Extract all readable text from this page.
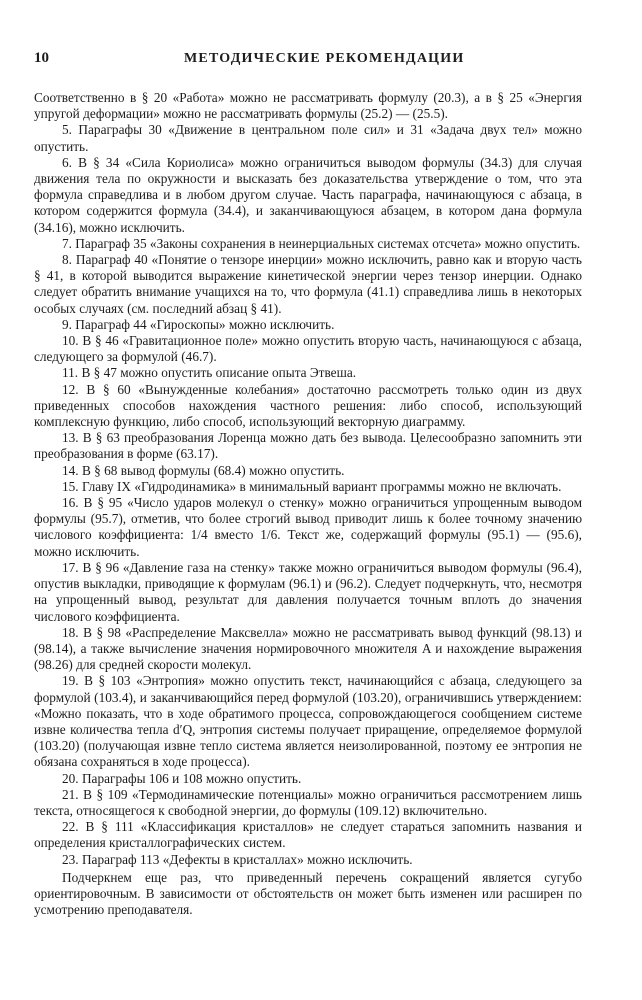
10	МЕТОДИЧЕСКИЕ РЕКОМЕНДАЦИИ

Соответственно в § 20 «Работа» можно не рассматривать формулу (20.3), а в § 25 «Энергия упругой деформации» можно не рассматривать формулы (25.2) — (25.5).

5. Параграфы 30 «Движение в центральном поле сил» и 31 «Задача двух тел» можно опустить.

6. В § 34 «Сила Кориолиса» можно ограничиться выводом формулы (34.3) для случая движения тела по окружности и высказать без доказательства утверждение о том, что эта формула справедлива и в любом другом случае. Часть параграфа, начинающуюся с абзаца, в котором содержится формула (34.4), и заканчивающуюся абзацем, в котором дана формула (34.16), можно исключить.

7. Параграф 35 «Законы сохранения в неинерциальных системах отсчета» можно опустить.

8. Параграф 40 «Понятие о тензоре инерции» можно исключить, равно как и вторую часть § 41, в которой выводится выражение кинетической энергии через тензор инерции. Однако следует обратить внимание учащихся на то, что формула (41.1) справедлива лишь в некоторых особых случаях (см. последний абзац § 41).

9. Параграф 44 «Гироскопы» можно исключить.

10. В § 46 «Гравитационное поле» можно опустить вторую часть, начинающуюся с абзаца, следующего за формулой (46.7).

11. В § 47 можно опустить описание опыта Этвеша.

12. В § 60 «Вынужденные колебания» достаточно рассмотреть только один из двух приведенных способов нахождения частного решения: либо способ, использующий комплексную функцию, либо способ, использующий векторную диаграмму.

13. В § 63 преобразования Лоренца можно дать без вывода. Целесообразно запомнить эти преобразования в форме (63.17).

14. В § 68 вывод формулы (68.4) можно опустить.

15. Главу IX «Гидродинамика» в минимальный вариант программы можно не включать.

16. В § 95 «Число ударов молекул о стенку» можно ограничиться упрощенным выводом формулы (95.7), отметив, что более строгий вывод приводит лишь к более точному значению числового коэффициента: 1/4 вместо 1/6. Текст же, содержащий формулы (95.1) — (95.6), можно исключить.

17. В § 96 «Давление газа на стенку» также можно ограничиться выводом формулы (96.4), опустив выкладки, приводящие к формулам (96.1) и (96.2). Следует подчеркнуть, что, несмотря на упрощенный вывод, результат для давления получается точным вплоть до значения числового коэффициента.

18. В § 98 «Распределение Максвелла» можно не рассматривать вывод функций (98.13) и (98.14), а также вычисление значения нормировочного множителя A и нахождение выражения (98.26) для средней скорости молекул.

19. В § 103 «Энтропия» можно опустить текст, начинающийся с абзаца, следующего за формулой (103.4), и заканчивающийся перед формулой (103.20), ограничившись утверждением: «Можно показать, что в ходе обратимого процесса, сопровождающегося сообщением системе извне количества тепла d′Q, энтропия системы получает приращение, определяемое формулой (103.20) (получающая извне тепло система является неизолированной, поэтому ее энтропия не обязана сохраняться в ходе процесса).

20. Параграфы 106 и 108 можно опустить.

21. В § 109 «Термодинамические потенциалы» можно ограничиться рассмотрением лишь текста, относящегося к свободной энергии, до формулы (109.12) включительно.

22. В § 111 «Классификация кристаллов» не следует стараться запомнить названия и определения кристаллографических систем.

23. Параграф 113 «Дефекты в кристаллах» можно исключить.

Подчеркнем еще раз, что приведенный перечень сокращений является сугубо ориентировочным. В зависимости от обстоятельств он может быть изменен или расширен по усмотрению преподавателя.
